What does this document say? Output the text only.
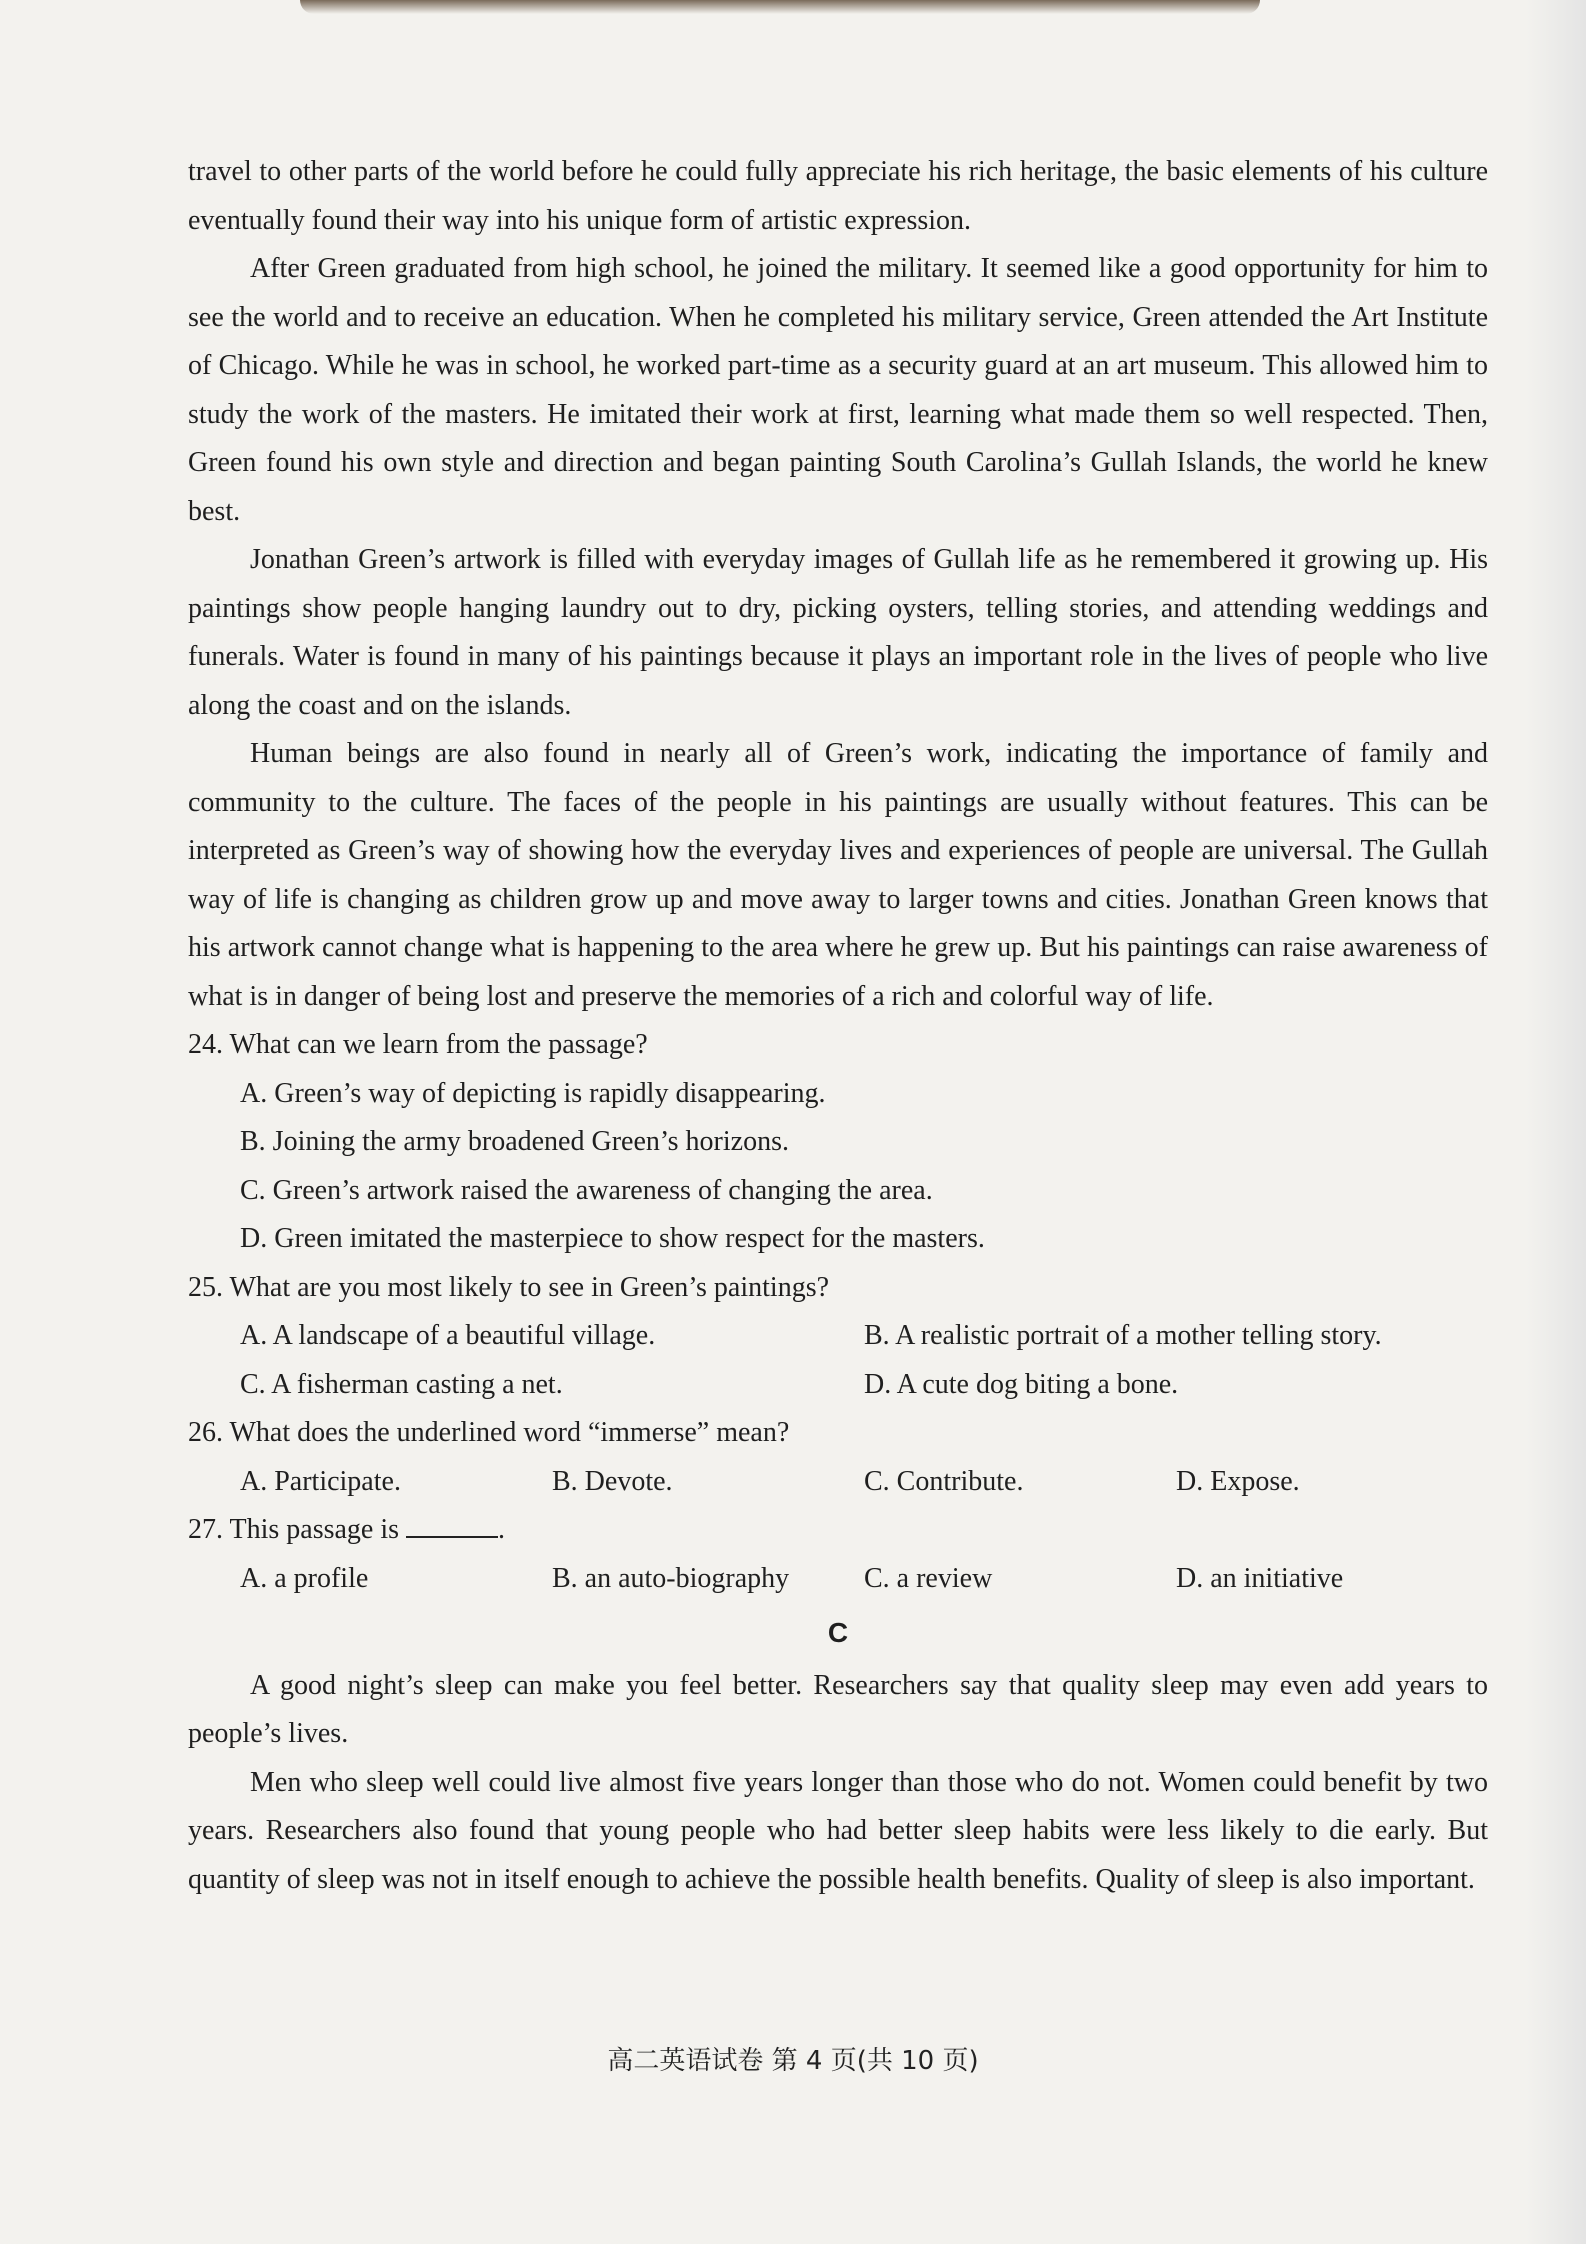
travel to other parts of the world before he could fully appreciate his rich heritage, the basic elements of his culture eventually found their way into his unique form of artistic expression.

After Green graduated from high school, he joined the military. It seemed like a good opportunity for him to see the world and to receive an education. When he completed his military service, Green attended the Art Institute of Chicago. While he was in school, he worked part-time as a security guard at an art museum. This allowed him to study the work of the masters. He imitated their work at first, learning what made them so well respected. Then, Green found his own style and direction and began painting South Carolina’s Gullah Islands, the world he knew best.

Jonathan Green’s artwork is filled with everyday images of Gullah life as he remembered it growing up. His paintings show people hanging laundry out to dry, picking oysters, telling stories, and attending weddings and funerals. Water is found in many of his paintings because it plays an important role in the lives of people who live along the coast and on the islands.

Human beings are also found in nearly all of Green’s work, indicating the importance of family and community to the culture. The faces of the people in his paintings are usually without features. This can be interpreted as Green’s way of showing how the everyday lives and experiences of people are universal. The Gullah way of life is changing as children grow up and move away to larger towns and cities. Jonathan Green knows that his artwork cannot change what is happening to the area where he grew up. But his paintings can raise awareness of what is in danger of being lost and preserve the memories of a rich and colorful way of life.

24. What can we learn from the passage?

A. Green’s way of depicting is rapidly disappearing.
B. Joining the army broadened Green’s horizons.
C. Green’s artwork raised the awareness of changing the area.
D. Green imitated the masterpiece to show respect for the masters.

25. What are you most likely to see in Green’s paintings?

A. A landscape of a beautiful village.	B. A realistic portrait of a mother telling story.
C. A fisherman casting a net.	D. A cute dog biting a bone.

26. What does the underlined word “immerse” mean?

A. Participate.	B. Devote.	C. Contribute.	D. Expose.

27. This passage is	.

A. a profile	B. an auto-biography	C. a review	D. an initiative
C

A good night’s sleep can make you feel better. Researchers say that quality sleep may even add years to people’s lives.

Men who sleep well could live almost five years longer than those who do not. Women could benefit by two years. Researchers also found that young people who had better sleep habits were less likely to die early. But quantity of sleep was not in itself enough to achieve the possible health benefits. Quality of sleep is also important.

高二英语试卷 第 4 页(共 10 页)
